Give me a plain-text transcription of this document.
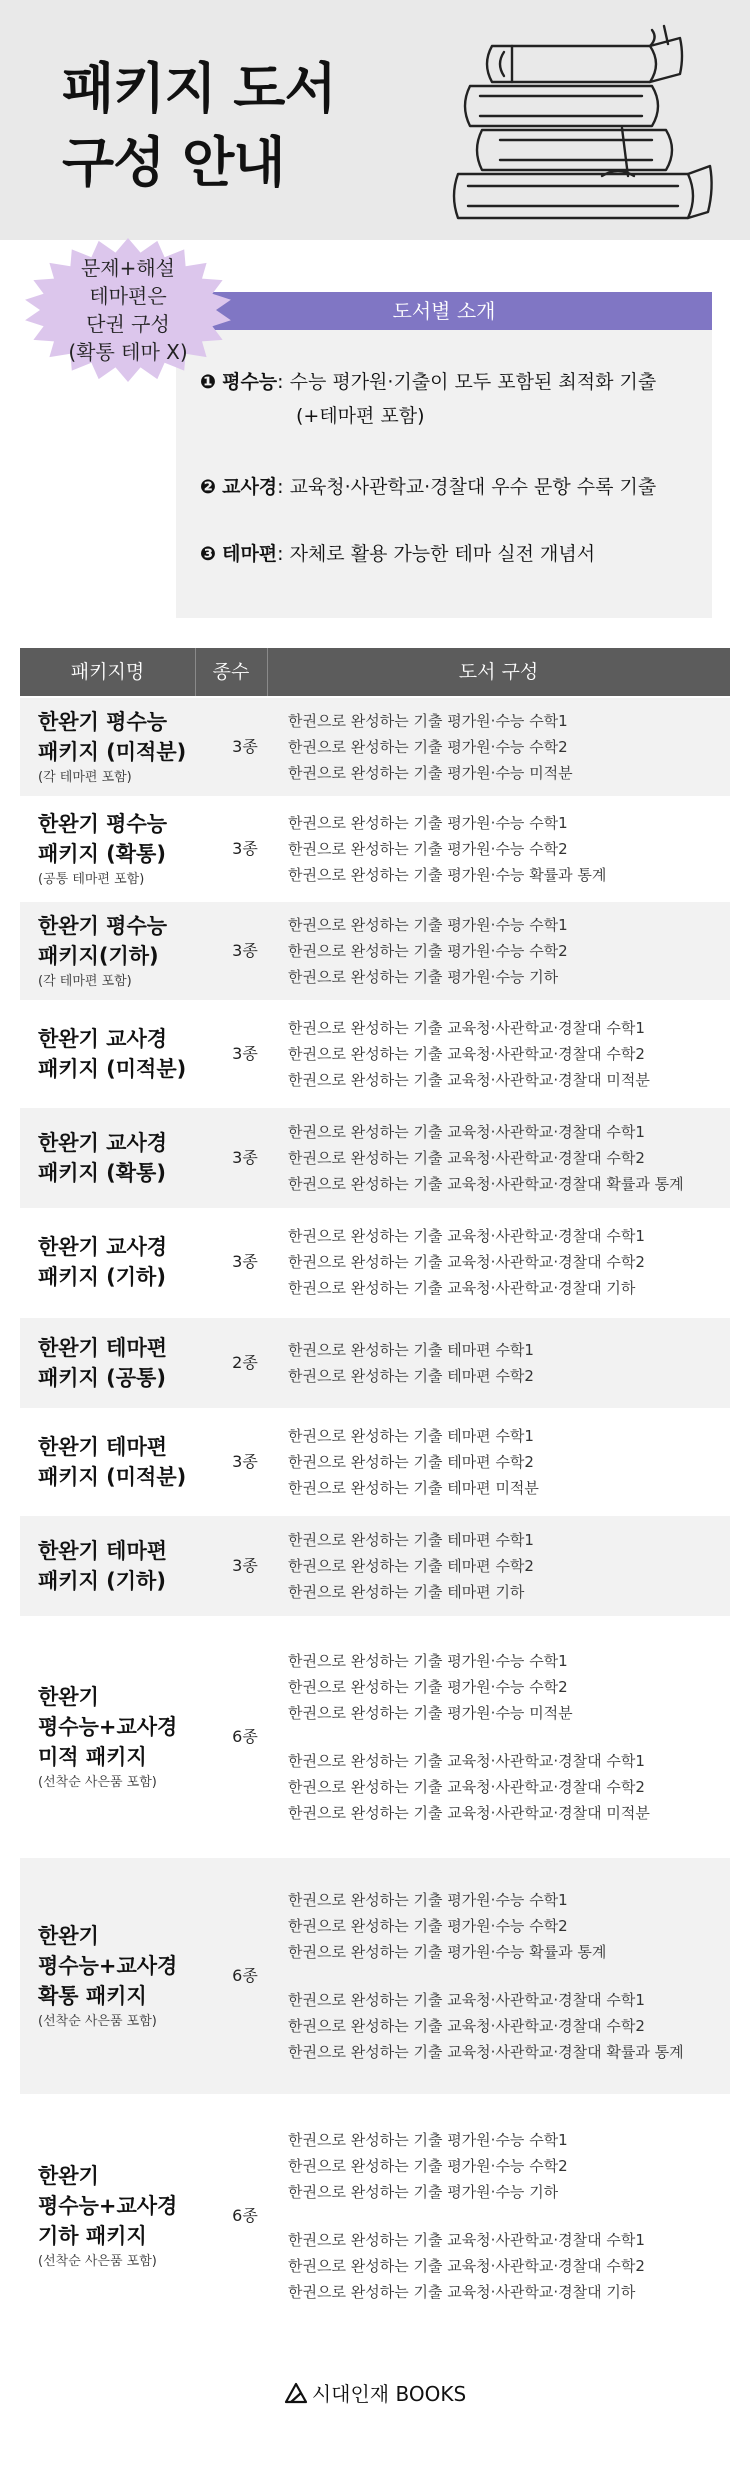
패키지 도서
구성 안내
도서별 소개
❶ 평수능: 수능 평가원·기출이 모두 포함된 최적화 기출
(+테마편 포함)
❷ 교사경: 교육청·사관학교·경찰대 우수 문항 수록 기출
❸ 테마편: 자체로 활용 가능한 테마 실전 개념서
문제+해설
테마편은
단권 구성
(확통 테마 X)
패키지명	종수	도서 구성
한완기 평수능
패키지 (미적분)
(각 테마편 포함)
3종
한권으로 완성하는 기출 평가원·수능 수학1
한권으로 완성하는 기출 평가원·수능 수학2
한권으로 완성하는 기출 평가원·수능 미적분
한완기 평수능
패키지 (확통)
(공통 테마편 포함)
3종
한권으로 완성하는 기출 평가원·수능 수학1
한권으로 완성하는 기출 평가원·수능 수학2
한권으로 완성하는 기출 평가원·수능 확률과 통계
한완기 평수능
패키지(기하)
(각 테마편 포함)
3종
한권으로 완성하는 기출 평가원·수능 수학1
한권으로 완성하는 기출 평가원·수능 수학2
한권으로 완성하는 기출 평가원·수능 기하
한완기 교사경
패키지 (미적분)
3종
한권으로 완성하는 기출 교육청·사관학교·경찰대 수학1
한권으로 완성하는 기출 교육청·사관학교·경찰대 수학2
한권으로 완성하는 기출 교육청·사관학교·경찰대 미적분
한완기 교사경
패키지 (확통)
3종
한권으로 완성하는 기출 교육청·사관학교·경찰대 수학1
한권으로 완성하는 기출 교육청·사관학교·경찰대 수학2
한권으로 완성하는 기출 교육청·사관학교·경찰대 확률과 통계
한완기 교사경
패키지 (기하)
3종
한권으로 완성하는 기출 교육청·사관학교·경찰대 수학1
한권으로 완성하는 기출 교육청·사관학교·경찰대 수학2
한권으로 완성하는 기출 교육청·사관학교·경찰대 기하
한완기 테마편
패키지 (공통)
2종
한권으로 완성하는 기출 테마편 수학1
한권으로 완성하는 기출 테마편 수학2
한완기 테마편
패키지 (미적분)
3종
한권으로 완성하는 기출 테마편 수학1
한권으로 완성하는 기출 테마편 수학2
한권으로 완성하는 기출 테마편 미적분
한완기 테마편
패키지 (기하)
3종
한권으로 완성하는 기출 테마편 수학1
한권으로 완성하는 기출 테마편 수학2
한권으로 완성하는 기출 테마편 기하
한완기
평수능+교사경
미적 패키지
(선착순 사은품 포함)
6종
한권으로 완성하는 기출 평가원·수능 수학1
한권으로 완성하는 기출 평가원·수능 수학2
한권으로 완성하는 기출 평가원·수능 미적분
한권으로 완성하는 기출 교육청·사관학교·경찰대 수학1
한권으로 완성하는 기출 교육청·사관학교·경찰대 수학2
한권으로 완성하는 기출 교육청·사관학교·경찰대 미적분
한완기
평수능+교사경
확통 패키지
(선착순 사은품 포함)
6종
한권으로 완성하는 기출 평가원·수능 수학1
한권으로 완성하는 기출 평가원·수능 수학2
한권으로 완성하는 기출 평가원·수능 확률과 통계
한권으로 완성하는 기출 교육청·사관학교·경찰대 수학1
한권으로 완성하는 기출 교육청·사관학교·경찰대 수학2
한권으로 완성하는 기출 교육청·사관학교·경찰대 확률과 통계
한완기
평수능+교사경
기하 패키지
(선착순 사은품 포함)
6종
한권으로 완성하는 기출 평가원·수능 수학1
한권으로 완성하는 기출 평가원·수능 수학2
한권으로 완성하는 기출 평가원·수능 기하
한권으로 완성하는 기출 교육청·사관학교·경찰대 수학1
한권으로 완성하는 기출 교육청·사관학교·경찰대 수학2
한권으로 완성하는 기출 교육청·사관학교·경찰대 기하
시대인재 BOOKS
